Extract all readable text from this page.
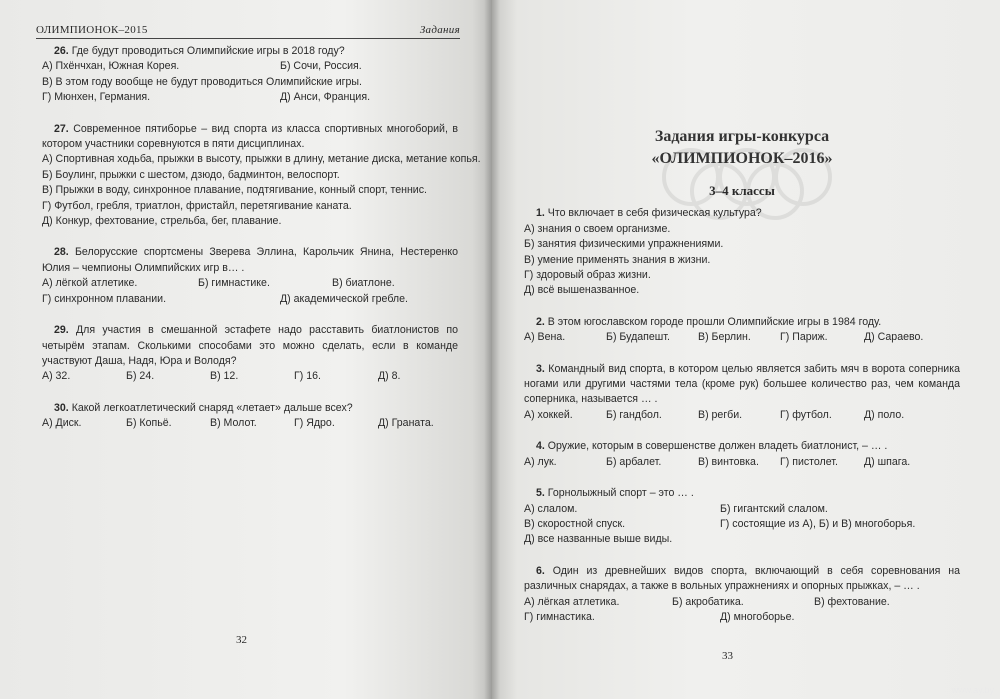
ОЛИМПИОНОК–2015	Задания

26. Где будут проводиться Олимпийские игры в 2018 году?

А) Пхёнчхан, Южная Корея.	Б) Сочи, Россия.
В) В этом году вообще не будут проводиться Олимпийские игры.
Г) Мюнхен, Германия.	Д) Анси, Франция.

27. Современное пятиборье – вид спорта из класса спортивных многоборий, в котором участники соревнуются в пяти дисциплинах.

А) Спортивная ходьба, прыжки в высоту, прыжки в длину, метание диска, метание копья.
Б) Боулинг, прыжки с шестом, дзюдо, бадминтон, велоспорт.
В) Прыжки в воду, синхронное плавание, подтягивание, конный спорт, теннис.
Г) Футбол, гребля, триатлон, фристайл, перетягивание каната.
Д) Конкур, фехтование, стрельба, бег, плавание.

28. Белорусские спортсмены Зверева Эллина, Карольчик Янина, Нестеренко Юлия – чемпионы Олимпийских игр в… .

А) лёгкой атлетике.	Б) гимнастике.	В) биатлоне.
Г) синхронном плавании.	Д) академической гребле.

29. Для участия в смешанной эстафете надо расставить биатлонистов по четырём этапам. Сколькими способами это можно сделать, если в команде участвуют Даша, Надя, Юра и Володя?

А) 32.	Б) 24.	В) 12.	Г) 16.	Д) 8.

30. Какой легкоатлетический снаряд «летает» дальше всех?

А) Диск.	Б) Копьё.	В) Молот.	Г) Ядро.	Д) Граната.
32
33
www.ay.by
Задания игры-конкурса
«ОЛИМПИОНОК–2016»
3–4 классы

1. Что включает в себя физическая культура?

А) знания о своем организме.
Б) занятия физическими упражнениями.
В) умение применять знания в жизни.
Г) здоровый образ жизни.
Д) всё вышеназванное.

2. В этом югославском городе прошли Олимпийские игры в 1984 году.

А) Вена.	Б) Будапешт.	В) Берлин.	Г) Париж.	Д) Сараево.

3. Командный вид спорта, в котором целью является забить мяч в ворота соперника ногами или другими частями тела (кроме рук) большее количество раз, чем команда соперника, называется … .

А) хоккей.	Б) гандбол.	В) регби.	Г) футбол.	Д) поло.

4. Оружие, которым в совершенстве должен владеть биатлонист, – … .

А) лук.	Б) арбалет.	В) винтовка.	Г) пистолет.	Д) шпага.

5. Горнолыжный спорт – это … .

А) слалом.	Б) гигантский слалом.
В) скоростной спуск.	Г) состоящие из А), Б) и В) многоборья.
Д) все названные выше виды.

6. Один из древнейших видов спорта, включающий в себя соревнования на различных снарядах, а также в вольных упражнениях и опорных прыжках, – … .

А) лёгкая атлетика.	Б) акробатика.	В) фехтование.
Г) гимнастика.	Д) многоборье.
